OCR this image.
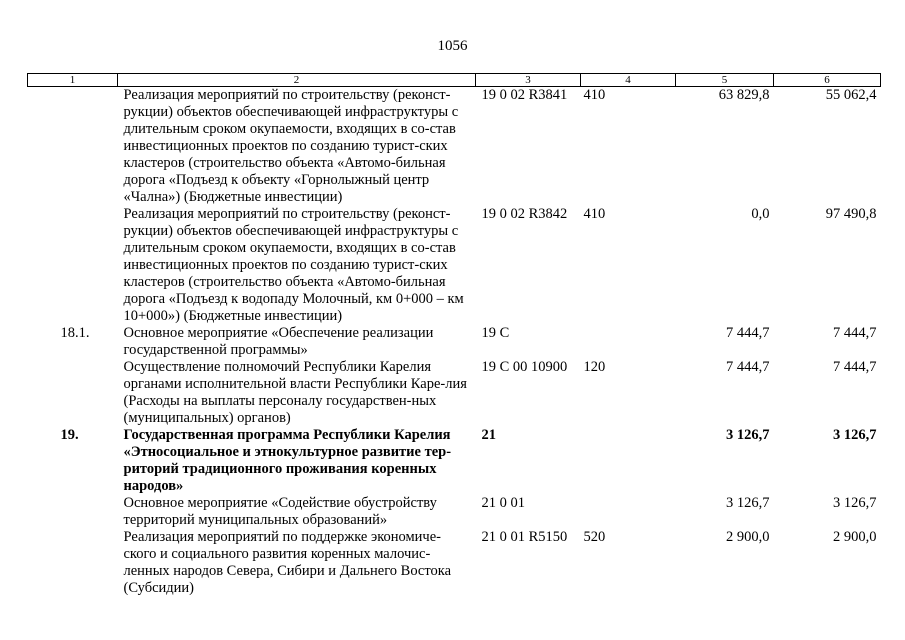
1056
1	2	3	4	5	6
	Реализация мероприятий по строительству (реконст-рукции) объектов обеспечивающей инфраструктуры с длительным сроком окупаемости, входящих в со-став инвестиционных проектов по созданию турист-ских кластеров (строительство объекта «Автомо-бильная дорога «Подъезд к объекту «Горнолыжный центр «Чална») (Бюджетные инвестиции)	19 0 02 R3841	410	63 829,8	55 062,4
	Реализация мероприятий по строительству (реконст-рукции) объектов обеспечивающей инфраструктуры с длительным сроком окупаемости, входящих в со-став инвестиционных проектов по созданию турист-ских кластеров (строительство объекта «Автомо-бильная дорога «Подъезд к водопаду Молочный, км 0+000 – км 10+000») (Бюджетные инвестиции)	19 0 02 R3842	410	0,0	97 490,8
18.1.	Основное мероприятие «Обеспечение реализации государственной программы»	19 С		7 444,7	7 444,7
	Осуществление полномочий Республики Карелия органами исполнительной власти Республики Каре-лия (Расходы на выплаты персоналу государствен-ных (муниципальных) органов)	19 С 00 10900	120	7 444,7	7 444,7
19.	Государственная программа Республики Карелия «Этносоциальное и этнокультурное развитие тер-риторий традиционного проживания коренных народов»	21		3 126,7	3 126,7
	Основное мероприятие «Содействие обустройству территорий муниципальных образований»	21 0 01		3 126,7	3 126,7
	Реализация мероприятий по поддержке экономиче-ского и социального развития коренных малочис-ленных народов Севера, Сибири и Дальнего Востока (Субсидии)	21 0 01 R5150	520	2 900,0	2 900,0
